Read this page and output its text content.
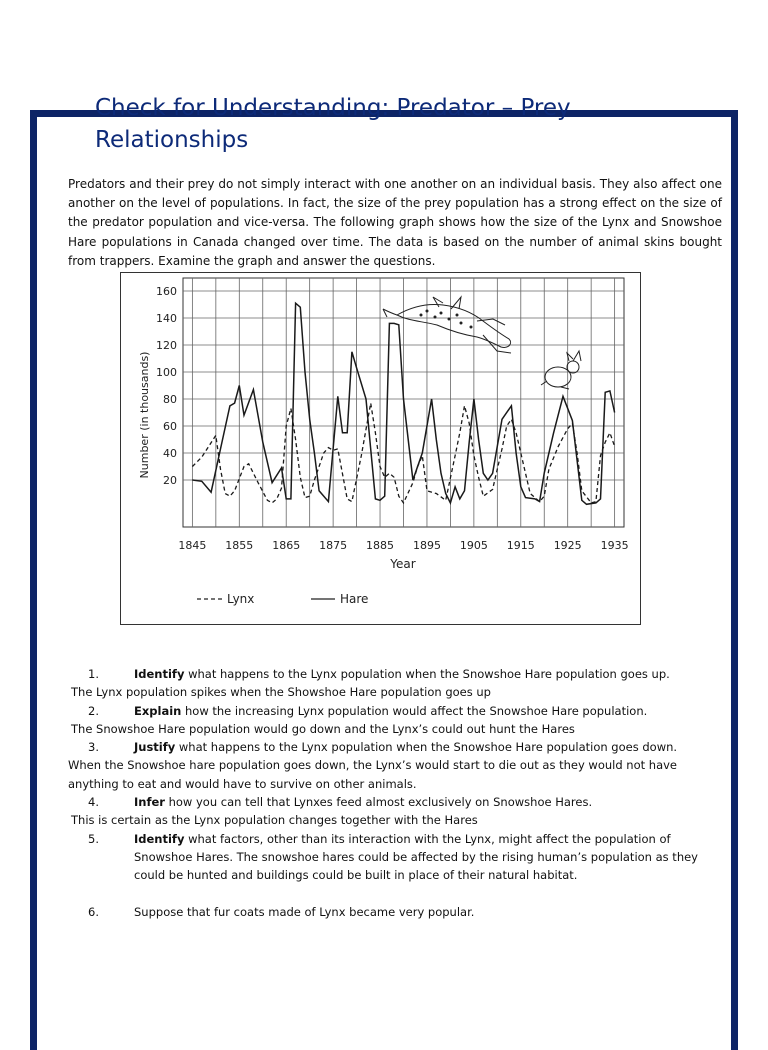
Check for Understanding: Predator – Prey Relationships

Predators and their prey do not simply interact with one another on an individual basis. They also affect one another on the level of populations. In fact, the size of the prey population has a strong effect on the size of the predator population and vice-versa. The following graph shows how the size of the Lynx and Snowshoe Hare populations in Canada changed over time. The data is based on the number of animal skins bought from trappers. Examine the graph and answer the questions.

20
40
60
80
100
120
140
160
1845 1855 1865 1875 1885 1895 1905 1915 1925 1935
Number (in thousands)
Year
Lynx	Hare
1.	Identify what happens to the Lynx population when the Snowshoe Hare population goes up.
The Lynx population spikes when the Showshoe Hare population goes up
2.	Explain how the increasing Lynx population would affect the Snowshoe Hare population.
The Snowshoe Hare population would go down and the Lynx’s could out hunt the Hares
3.	Justify what happens to the Lynx population when the Snowshoe Hare population goes down.
When the Snowshoe hare population goes down, the Lynx’s would start to die out as they would not have anything to eat and would have to survive on other animals.
4.	Infer how you can tell that Lynxes feed almost exclusively on Snowshoe Hares.
This is certain as the Lynx population changes together with the Hares
5.	Identify what factors, other than its interaction with the Lynx, might affect the population of Snowshoe Hares. The snowshoe hares could be affected by the rising human’s population as they could be hunted and buildings could be built in place of their natural habitat.
6.	Suppose that fur coats made of Lynx became very popular.
